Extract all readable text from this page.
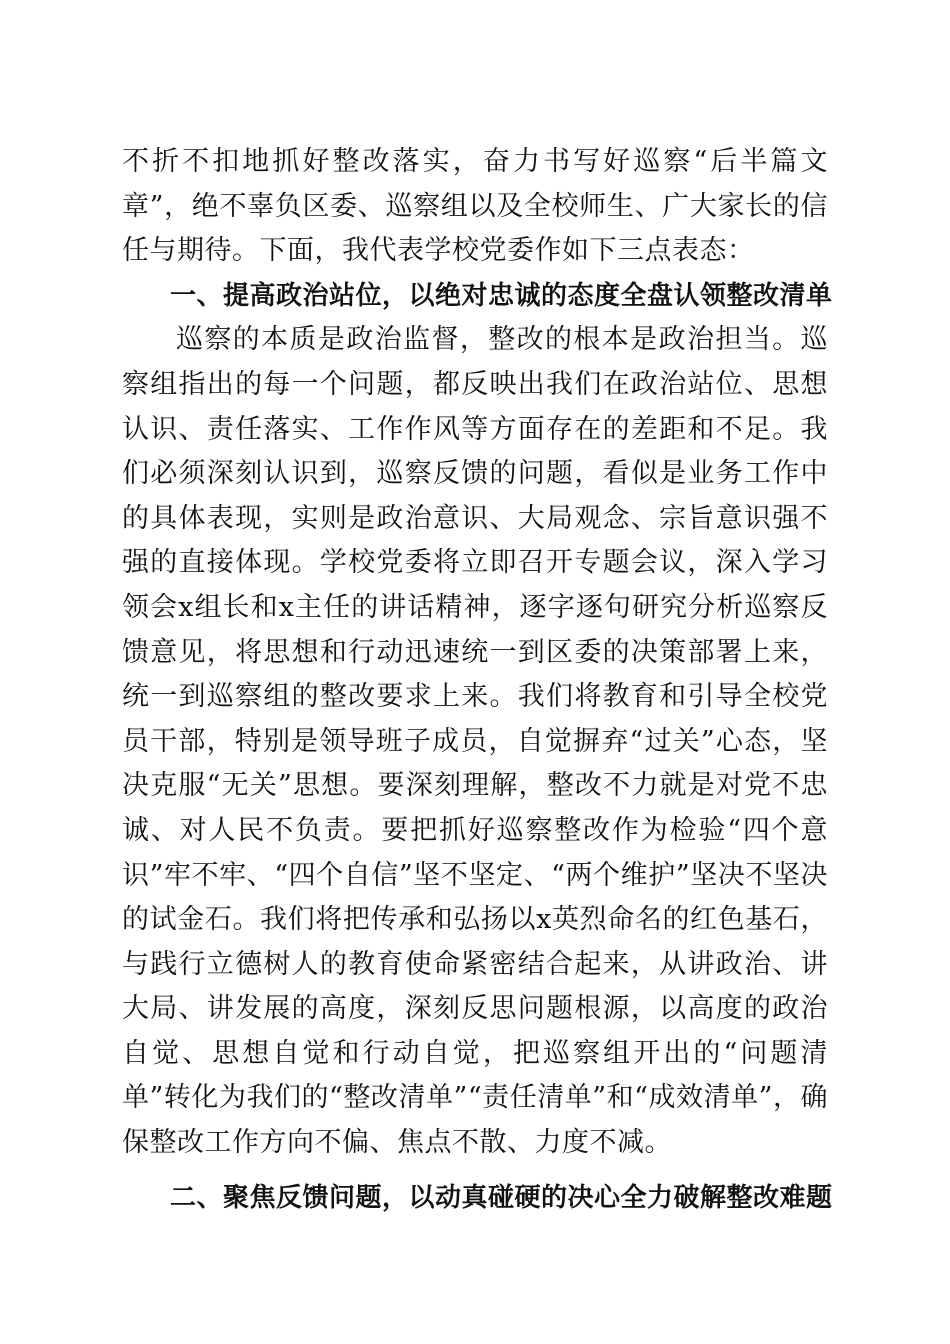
不折不扣地抓好整改落实，奋力书写好巡察“后半篇文章”，绝不辜负区委、巡察组以及全校师生、广大家长的信任与期待。下面，我代表学校党委作如下三点表态：

一、提高政治站位，以绝对忠诚的态度全盘认领整改清单

巡察的本质是政治监督，整改的根本是政治担当。巡察组指出的每一个问题，都反映出我们在政治站位、思想认识、责任落实、工作作风等方面存在的差距和不足。我们必须深刻认识到，巡察反馈的问题，看似是业务工作中的具体表现，实则是政治意识、大局观念、宗旨意识强不强的直接体现。学校党委将立即召开专题会议，深入学习领会x组长和x主任的讲话精神，逐字逐句研究分析巡察反馈意见，将思想和行动迅速统一到区委的决策部署上来，统一到巡察组的整改要求上来。我们将教育和引导全校党员干部，特别是领导班子成员，自觉摒弃“过关”心态，坚决克服“无关”思想。要深刻理解，整改不力就是对党不忠诚、对人民不负责。要把抓好巡察整改作为检验“四个意识”牢不牢、“四个自信”坚不坚定、“两个维护”坚决不坚决的试金石。我们将把传承和弘扬以x英烈命名的红色基石，与践行立德树人的教育使命紧密结合起来，从讲政治、讲大局、讲发展的高度，深刻反思问题根源，以高度的政治自觉、思想自觉和行动自觉，把巡察组开出的“问题清单”转化为我们的“整改清单”“责任清单”和“成效清单”，确保整改工作方向不偏、焦点不散、力度不减。

二、聚焦反馈问题，以动真碰硬的决心全力破解整改难题
